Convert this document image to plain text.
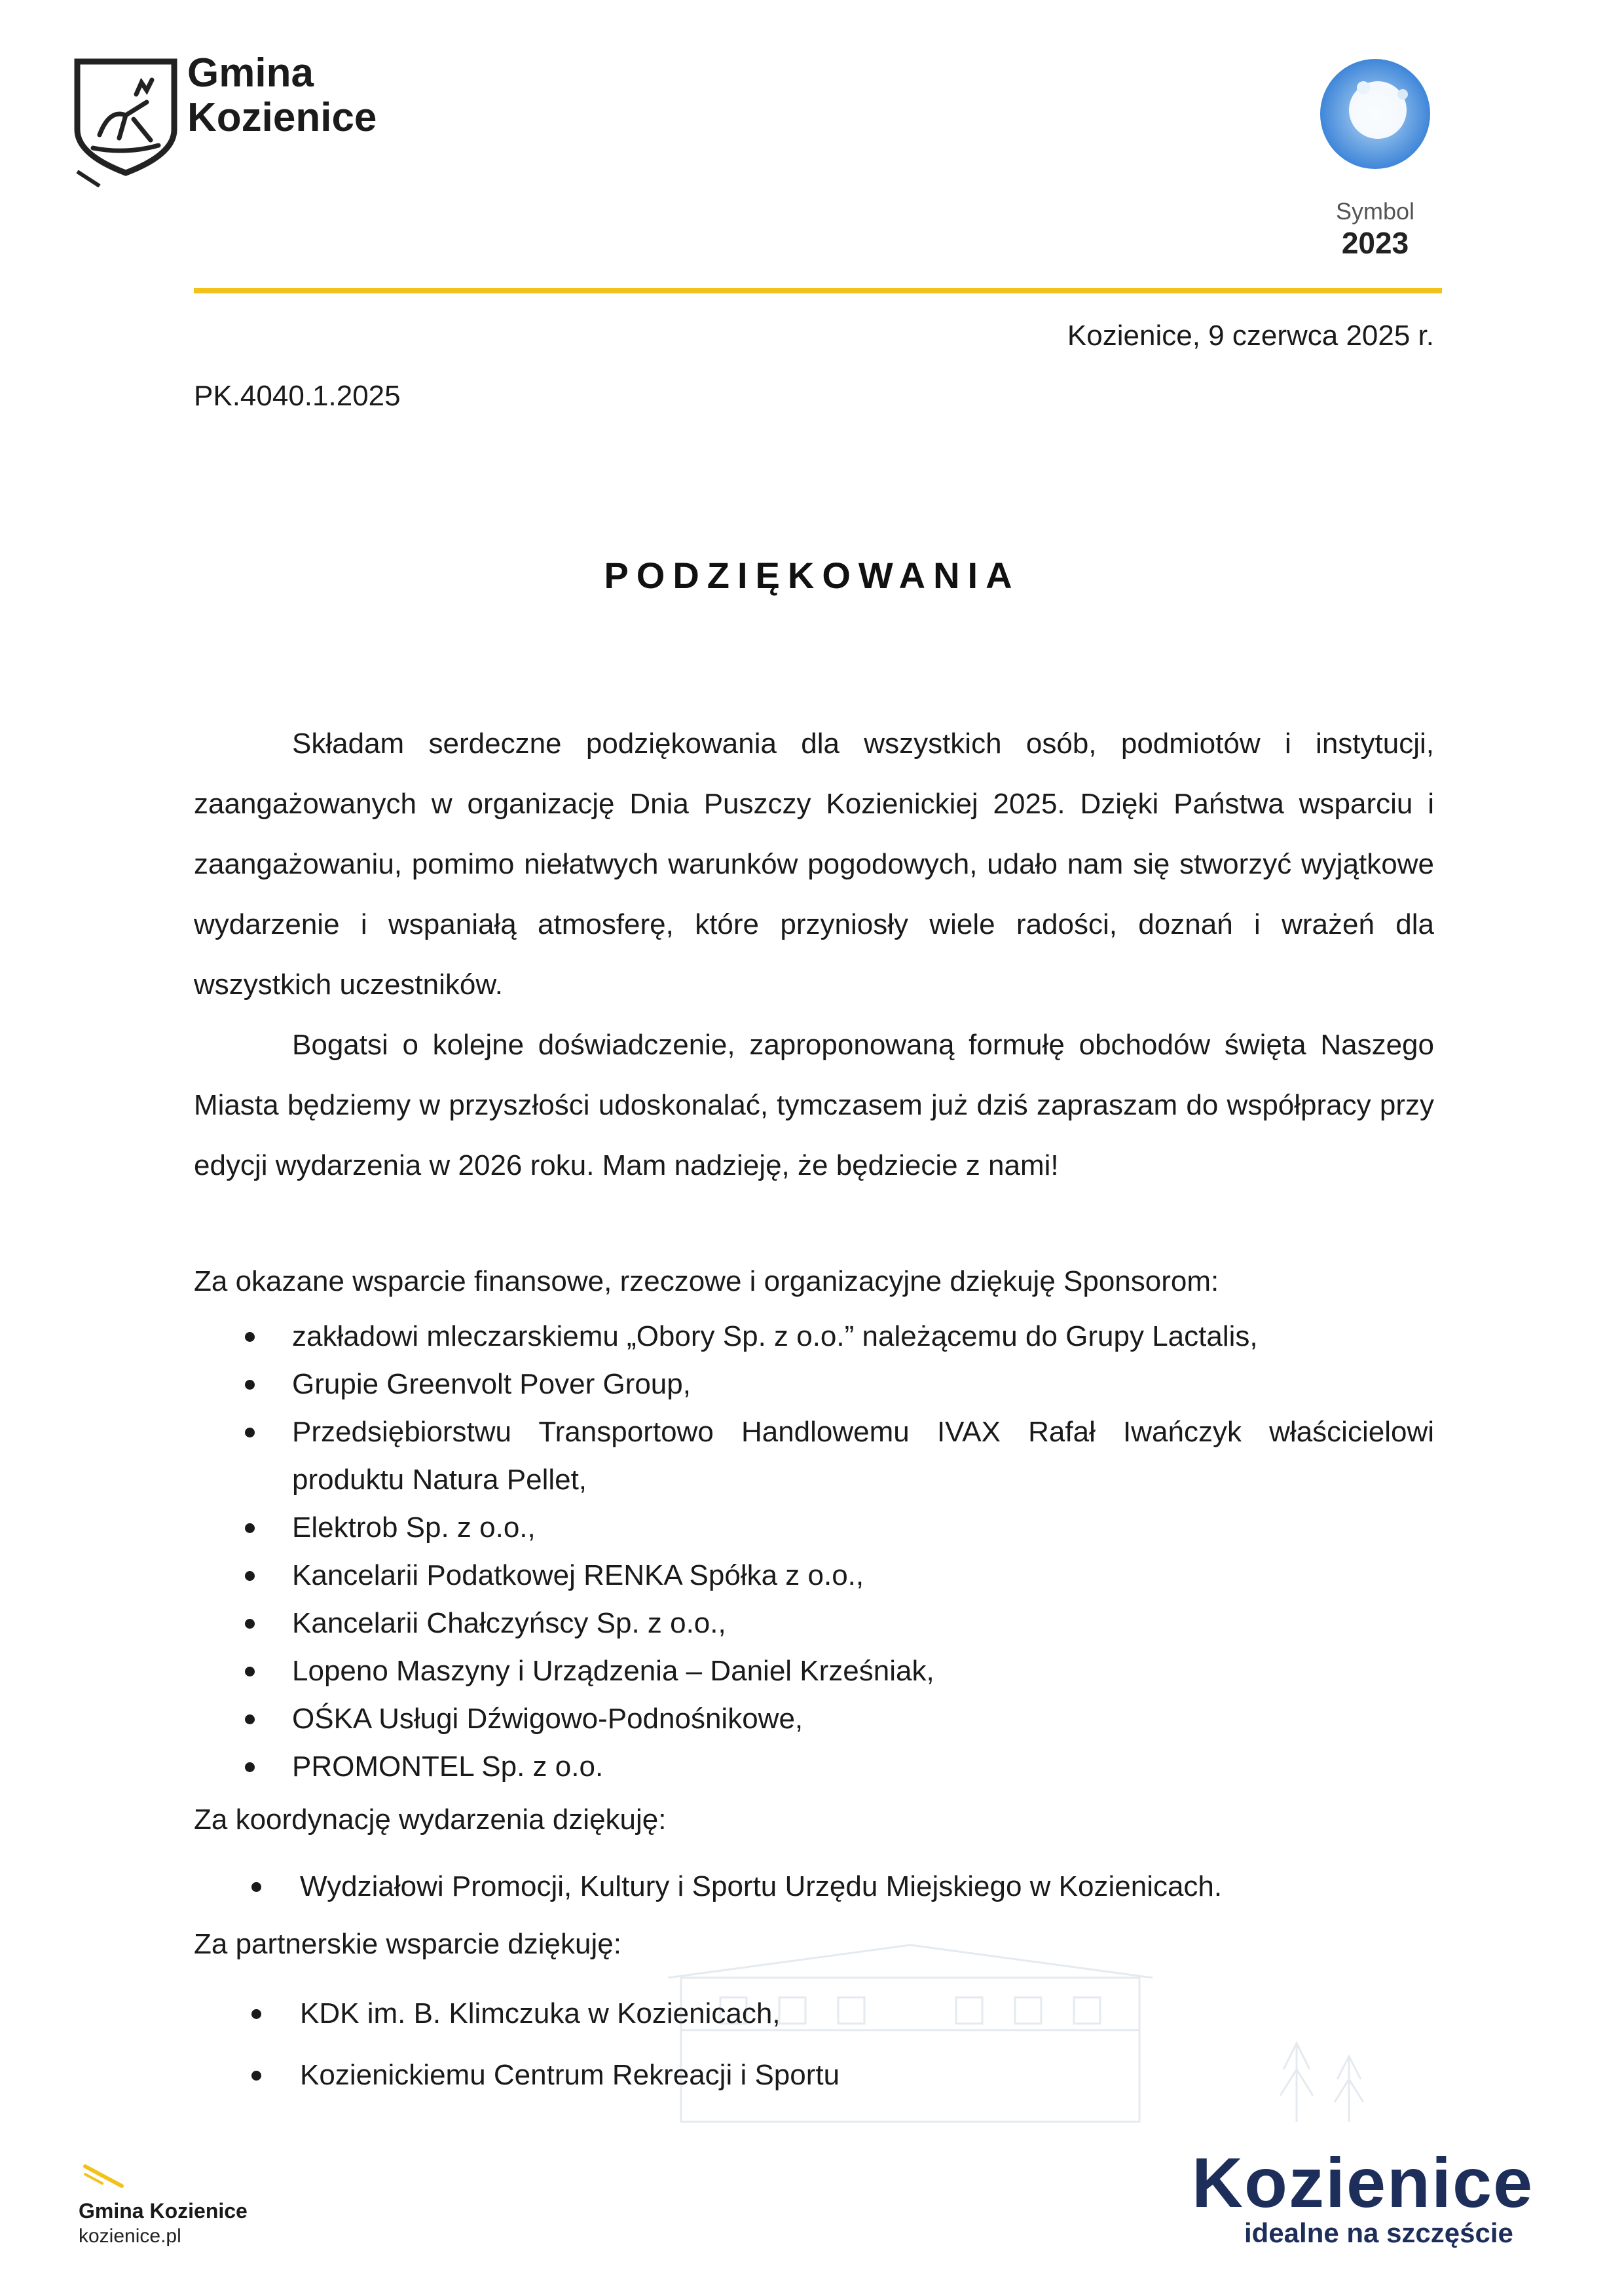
Gmina
Kozienice
Symbol
2023
Kozienice, 9 czerwca 2025 r.
PK.4040.1.2025
PODZIĘKOWANIA

Składam serdeczne podziękowania dla wszystkich osób, podmiotów i instytucji, zaangażowanych w organizację Dnia Puszczy Kozienickiej 2025. Dzięki Państwa wsparciu i zaangażowaniu, pomimo niełatwych warunków pogodowych, udało nam się stworzyć wyjątkowe wydarzenie i wspaniałą atmosferę, które przyniosły wiele radości, doznań i wrażeń dla wszystkich uczestników.

Bogatsi o kolejne doświadczenie, zaproponowaną formułę obchodów święta Naszego Miasta będziemy w przyszłości udoskonalać, tymczasem już dziś zapraszam do współpracy przy edycji wydarzenia w 2026 roku. Mam nadzieję, że będziecie z nami!

Za okazane wsparcie finansowe, rzeczowe i organizacyjne dziękuję Sponsorom:
zakładowi mleczarskiemu „Obory Sp. z o.o.” należącemu do Grupy Lactalis,
Grupie Greenvolt Pover Group,
Przedsiębiorstwu Transportowo Handlowemu IVAX Rafał Iwańczyk właścicielowi produktu Natura Pellet,
Elektrob Sp. z o.o.,
Kancelarii Podatkowej RENKA Spółka z o.o.,
Kancelarii Chałczyńscy Sp. z o.o.,
Lopeno Maszyny i Urządzenia – Daniel Krześniak,
OŚKA Usługi Dźwigowo-Podnośnikowe,
PROMONTEL Sp. z o.o.
Za koordynację wydarzenia dziękuję:
Wydziałowi Promocji, Kultury i Sportu Urzędu Miejskiego w Kozienicach.
Za partnerskie wsparcie dziękuję:
KDK im. B. Klimczuka w Kozienicach,
Kozienickiemu Centrum Rekreacji i Sportu
Gmina Kozienice
kozienice.pl
Kozienice
idealne na szczęście
